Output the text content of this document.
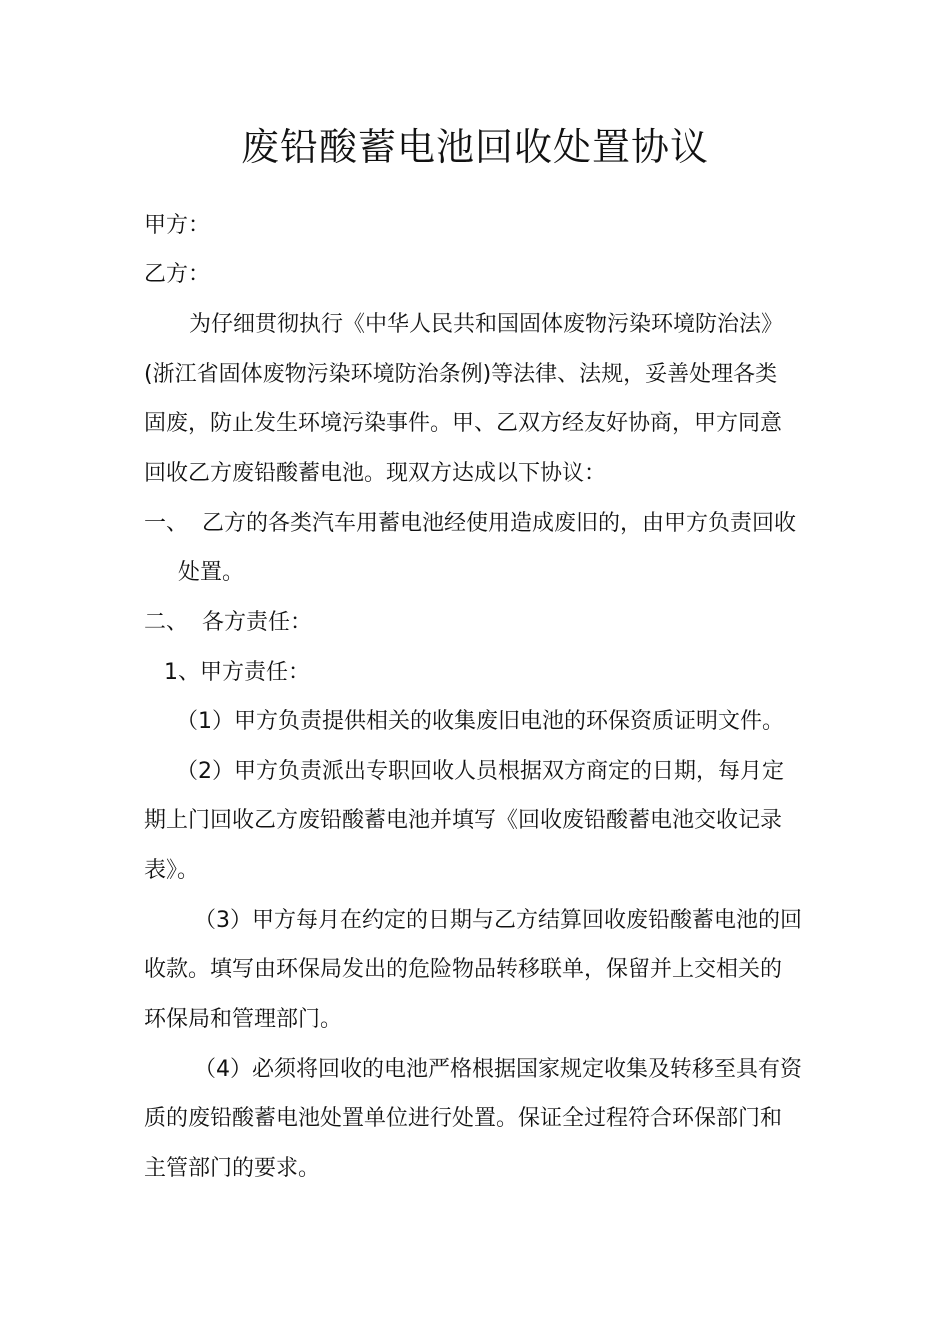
废铅酸蓄电池回收处置协议
甲方：
乙方：
为仔细贯彻执行《中华人民共和国固体废物污染环境防治法》
(浙江省固体废物污染环境防治条例)等法律、法规，妥善处理各类
固废，防止发生环境污染事件。甲、乙双方经友好协商，甲方同意
回收乙方废铅酸蓄电池。现双方达成以下协议：
一、 乙方的各类汽车用蓄电池经使用造成废旧的，由甲方负责回收
处置。
二、 各方责任：
1、甲方责任：
（1）甲方负责提供相关的收集废旧电池的环保资质证明文件。
（2）甲方负责派出专职回收人员根据双方商定的日期，每月定
期上门回收乙方废铅酸蓄电池并填写《回收废铅酸蓄电池交收记录
表》。
（3）甲方每月在约定的日期与乙方结算回收废铅酸蓄电池的回
收款。填写由环保局发出的危险物品转移联单，保留并上交相关的
环保局和管理部门。
（4）必须将回收的电池严格根据国家规定收集及转移至具有资
质的废铅酸蓄电池处置单位进行处置。保证全过程符合环保部门和
主管部门的要求。
